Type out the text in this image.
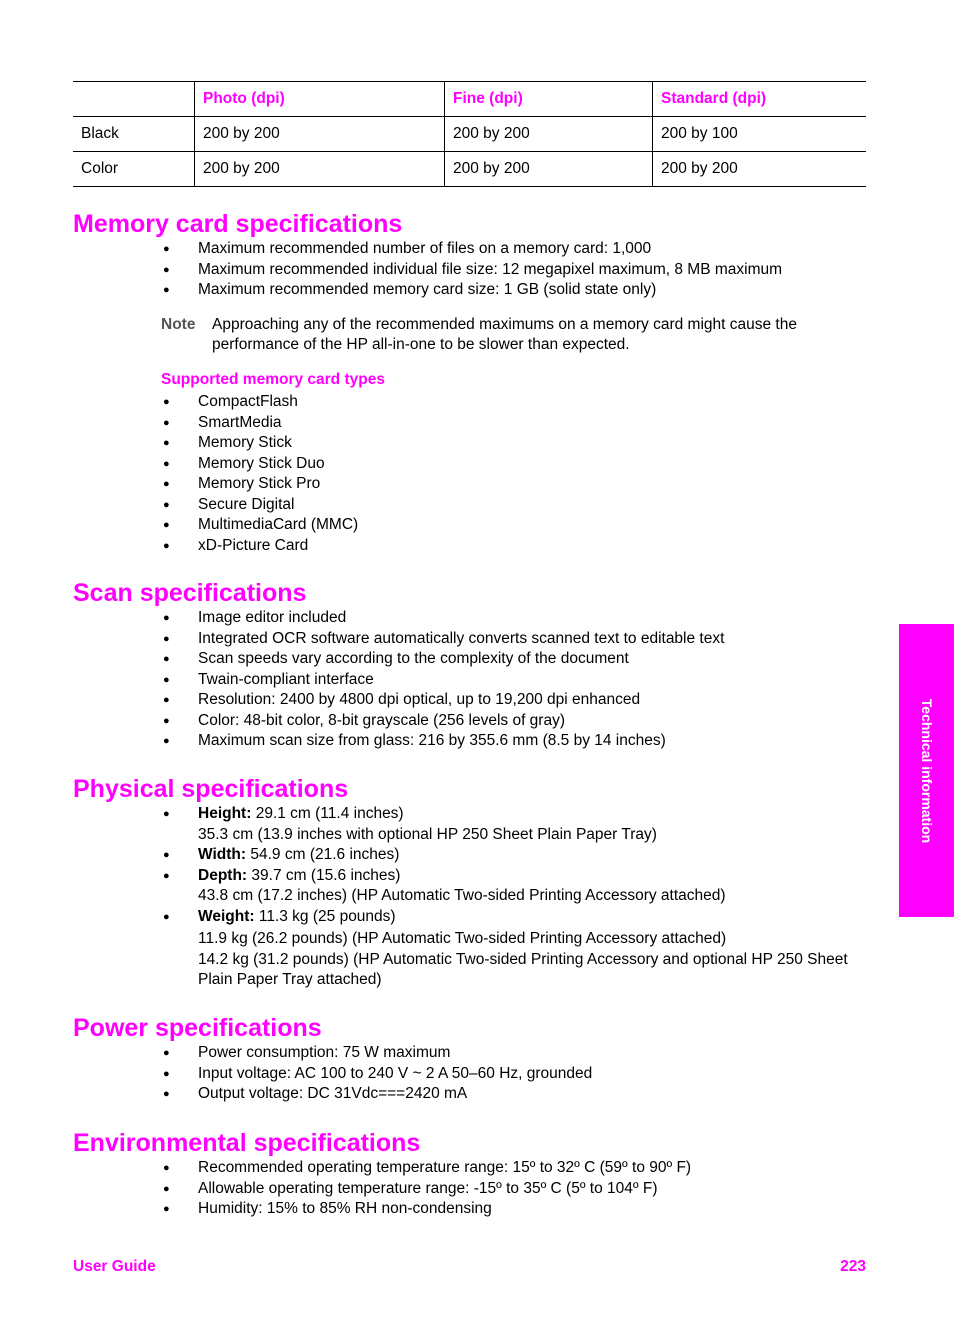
	Photo (dpi)	Fine (dpi)	Standard (dpi)
Black	200 by 200	200 by 200	200 by 100
Color	200 by 200	200 by 200	200 by 200
Memory card specifications
● Maximum recommended number of files on a memory card: 1,000
● Maximum recommended individual file size: 12 megapixel maximum, 8 MB maximum
● Maximum recommended memory card size: 1 GB (solid state only)
Note Approaching any of the recommended maximums on a memory card might cause the performance of the HP all-in-one to be slower than expected.
Supported memory card types
● CompactFlash
● SmartMedia
● Memory Stick
● Memory Stick Duo
● Memory Stick Pro
● Secure Digital
● MultimediaCard (MMC)
● xD-Picture Card
Scan specifications
● Image editor included
● Integrated OCR software automatically converts scanned text to editable text
● Scan speeds vary according to the complexity of the document
● Twain-compliant interface
● Resolution: 2400 by 4800 dpi optical, up to 19,200 dpi enhanced
● Color: 48-bit color, 8-bit grayscale (256 levels of gray)
● Maximum scan size from glass: 216 by 355.6 mm (8.5 by 14 inches)
Physical specifications
● Height: 29.1 cm (11.4 inches)
35.3 cm (13.9 inches with optional HP 250 Sheet Plain Paper Tray)
● Width: 54.9 cm (21.6 inches)
● Depth: 39.7 cm (15.6 inches)
43.8 cm (17.2 inches) (HP Automatic Two-sided Printing Accessory attached)
● Weight: 11.3 kg (25 pounds)
11.9 kg (26.2 pounds) (HP Automatic Two-sided Printing Accessory attached)
14.2 kg (31.2 pounds) (HP Automatic Two-sided Printing Accessory and optional HP 250 Sheet Plain Paper Tray attached)
Power specifications
● Power consumption: 75 W maximum
● Input voltage: AC 100 to 240 V ~ 2 A 50–60 Hz, grounded
● Output voltage: DC 31Vdc===2420 mA
Environmental specifications
● Recommended operating temperature range: 15º to 32º C (59º to 90º F)
● Allowable operating temperature range: -15º to 35º C (5º to 104º F)
● Humidity: 15% to 85% RH non-condensing
Technical information
User Guide	223
